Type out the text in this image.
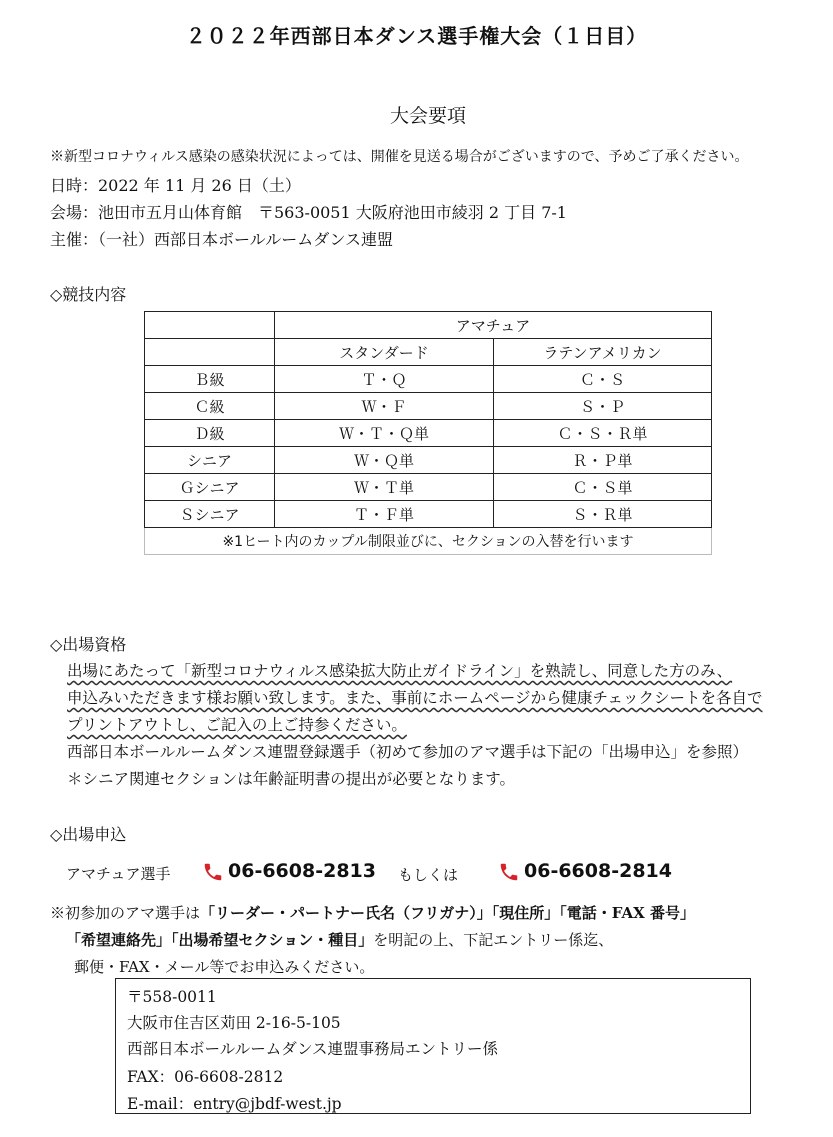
２０２２年西部日本ダンス選手権大会（１日目）
大会要項
※新型コロナウィルス感染の感染状況によっては、開催を見送る場合がございますので、予めご了承ください。
日時：2022 年 11 月 26 日（土）
会場：池田市五月山体育館　〒563-0051 大阪府池田市綾羽 2 丁目 7-1
主催：（一社）西部日本ボールルームダンス連盟
◇競技内容
	アマチュア	
	スタンダード	ラテンアメリカン
Ｂ級	Ｔ・Ｑ	Ｃ・Ｓ
Ｃ級	Ｗ・Ｆ	Ｓ・Ｐ
Ｄ級	Ｗ・Ｔ・Ｑ単	Ｃ・Ｓ・Ｒ単
シニア	Ｗ・Ｑ単	Ｒ・Ｐ単
Ｇシニア	Ｗ・Ｔ単	Ｃ・Ｓ単
Ｓシニア	Ｔ・Ｆ単	Ｓ・Ｒ単
※1ヒート内のカップル制限並びに、セクションの入替を行います		
◇出場資格
出場にあたって「新型コロナウィルス感染拡大防止ガイドライン」を熟読し、同意した方のみ、
申込みいただきます様お願い致します。また、事前にホームページから健康チェックシートを各自で
プリントアウトし、ご記入の上ご持参ください。
西部日本ボールルームダンス連盟登録選手（初めて参加のアマ選手は下記の「出場申込」を参照）
＊シニア関連セクションは年齢証明書の提出が必要となります。
◇出場申込
アマチュア選手	06-6608-2813 もしくは	06-6608-2814
※初参加のアマ選手は「リーダー・パートナー氏名（フリガナ）」「現住所」「電話・FAX 番号」
「希望連絡先」「出場希望セクション・種目」を明記の上、下記エントリー係迄、
郵便・FAX・メール等でお申込みください。
〒558-0011
大阪市住吉区苅田 2-16-5-105
西部日本ボールルームダンス連盟事務局エントリー係
FAX：06-6608-2812
E-mail：entry@jbdf-west.jp
